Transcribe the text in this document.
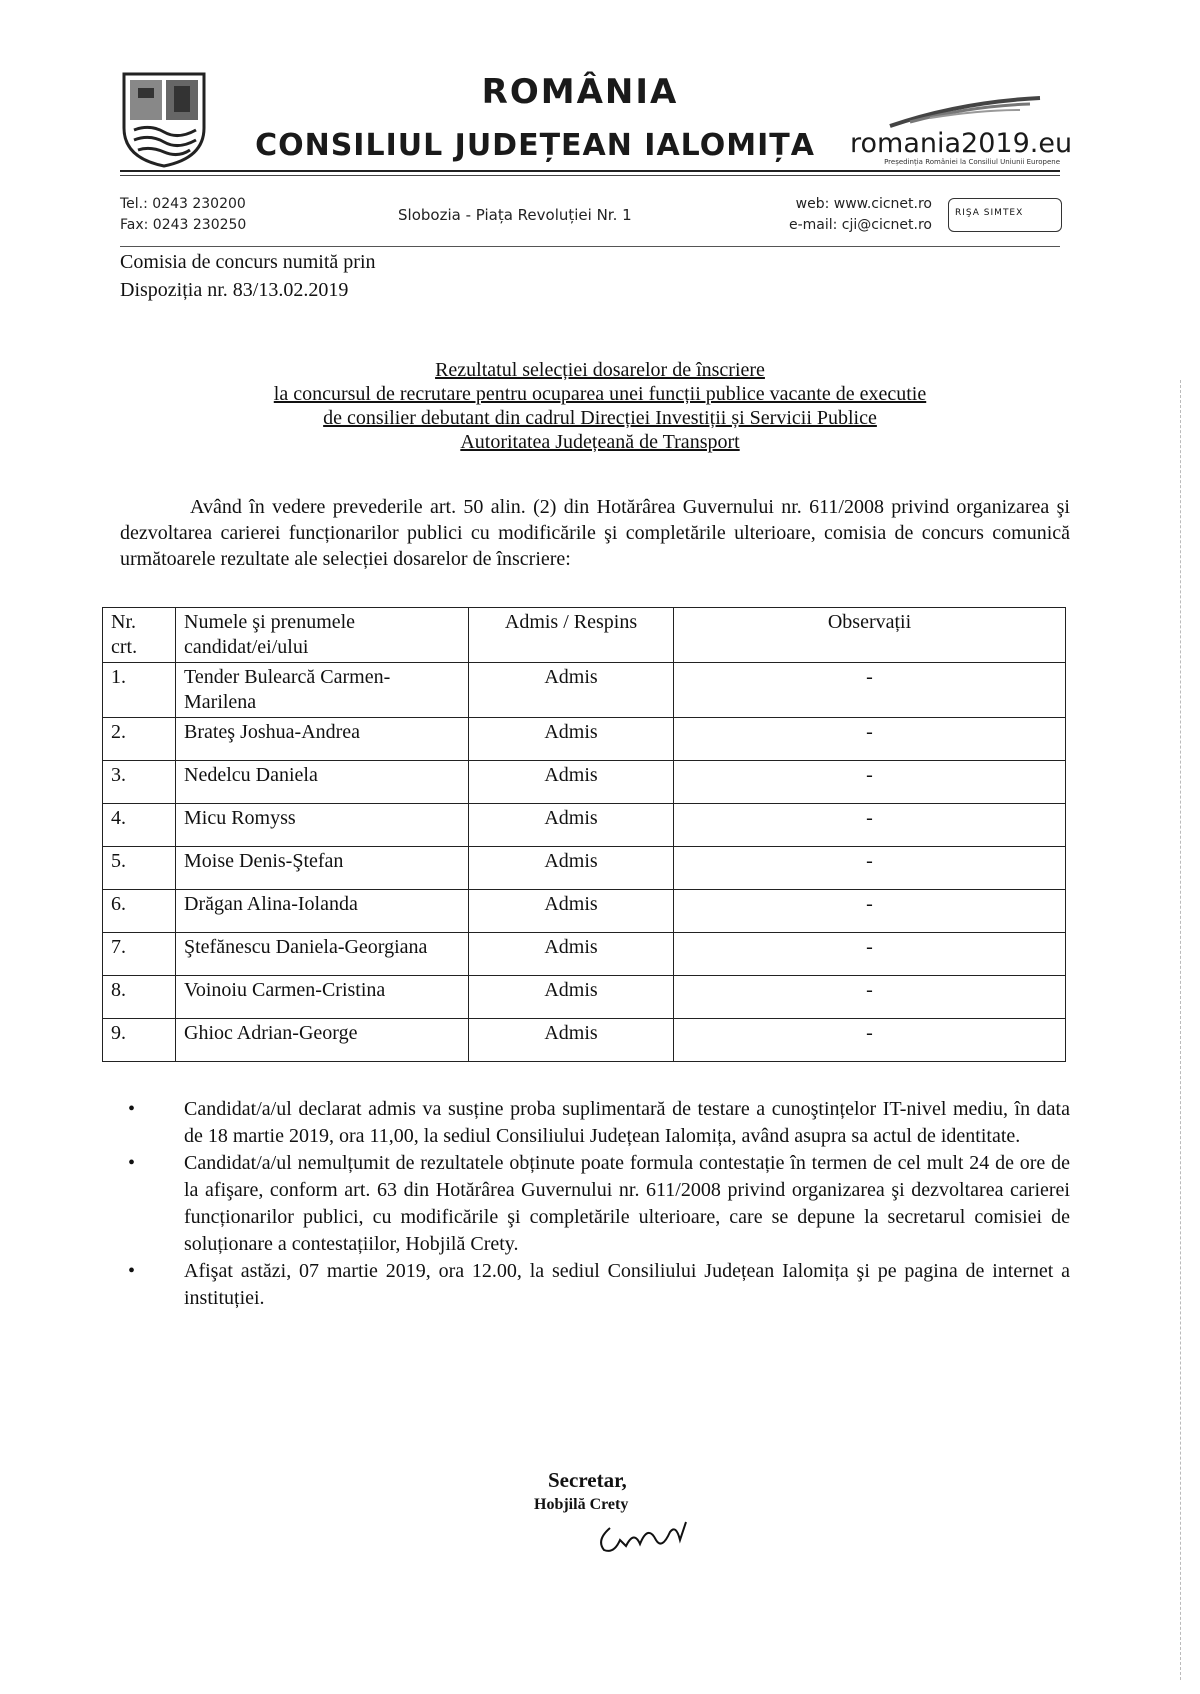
ROMÂNIA
CONSILIUL JUDEȚEAN IALOMIȚA	romania2019.eu
Președinția României la Consiliul Uniunii Europene
Tel.: 0243 230200
Fax: 0243 230250
Slobozia - Piața Revoluției Nr. 1
web: www.cicnet.ro
e-mail: cji@cicnet.ro
RIŞA SIMTEX
Comisia de concurs numită prin
Dispoziția nr. 83/13.02.2019
Rezultatul selecției dosarelor de înscriere
la concursul de recrutare pentru ocuparea unei funcții publice vacante de executie
de consilier debutant din cadrul Direcției Investiții și Servicii Publice
Autoritatea Județeană de Transport
Având în vedere prevederile art. 50 alin. (2) din Hotărârea Guvernului nr. 611/2008 privind organizarea şi dezvoltarea carierei funcționarilor publici cu modificările şi completările ulterioare, comisia de concurs comunică următoarele rezultate ale selecției dosarelor de înscriere:
Nr. crt.	Numele şi prenumele candidat/ei/ului	Admis / Respins	Observații
1.	Tender Bulearcă Carmen-Marilena	Admis	-
2.	Brateş Joshua-Andrea	Admis	-
3.	Nedelcu Daniela	Admis	-
4.	Micu Romyss	Admis	-
5.	Moise Denis-Ştefan	Admis	-
6.	Drăgan Alina-Iolanda	Admis	-
7.	Ştefănescu Daniela-Georgiana	Admis	-
8.	Voinoiu Carmen-Cristina	Admis	-
9.	Ghioc Adrian-George	Admis	-
• Candidat/a/ul declarat admis va susține proba suplimentară de testare a cunoştințelor IT-nivel mediu, în data de 18 martie 2019, ora 11,00, la sediul Consiliului Județean Ialomița, având asupra sa actul de identitate.
• Candidat/a/ul nemulțumit de rezultatele obținute poate formula contestație în termen de cel mult 24 de ore de la afişare, conform art. 63 din Hotărârea Guvernului nr. 611/2008 privind organizarea şi dezvoltarea carierei funcționarilor publici, cu modificările şi completările ulterioare, care se depune la secretarul comisiei de soluționare a contestațiilor, Hobjilă Crety.
• Afişat astăzi, 07 martie 2019, ora 12.00, la sediul Consiliului Județean Ialomița şi pe pagina de internet a instituției.
Secretar,
Hobjilă Crety
